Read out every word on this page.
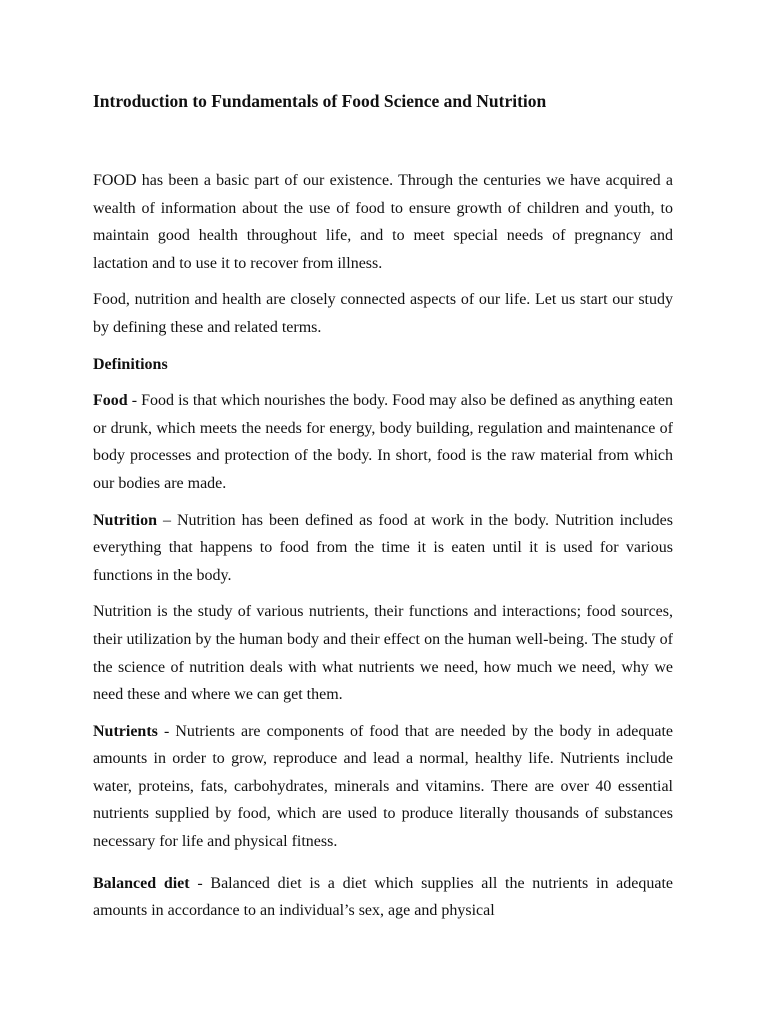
Introduction to Fundamentals of Food Science and Nutrition

FOOD has been a basic part of our existence. Through the centuries we have acquired a wealth of information about the use of food to ensure growth of children and youth, to maintain good health throughout life, and to meet special needs of pregnancy and lactation and to use it to recover from illness.

Food, nutrition and health are closely connected aspects of our life. Let us start our study by defining these and related terms.

Definitions

Food - Food is that which nourishes the body. Food may also be defined as anything eaten or drunk, which meets the needs for energy, body building, regulation and maintenance of body processes and protection of the body. In short, food is the raw material from which our bodies are made.

Nutrition – Nutrition has been defined as food at work in the body. Nutrition includes everything that happens to food from the time it is eaten until it is used for various functions in the body.

Nutrition is the study of various nutrients, their functions and interactions; food sources, their utilization by the human body and their effect on the human well-being. The study of the science of nutrition deals with what nutrients we need, how much we need, why we need these and where we can get them.

Nutrients - Nutrients are components of food that are needed by the body in adequate amounts in order to grow, reproduce and lead a normal, healthy life. Nutrients include water, proteins, fats, carbohydrates, minerals and vitamins. There are over 40 essential nutrients supplied by food, which are used to produce literally thousands of substances necessary for life and physical fitness.

Balanced diet - Balanced diet is a diet which supplies all the nutrients in adequate amounts in accordance to an individual’s sex, age and physical
